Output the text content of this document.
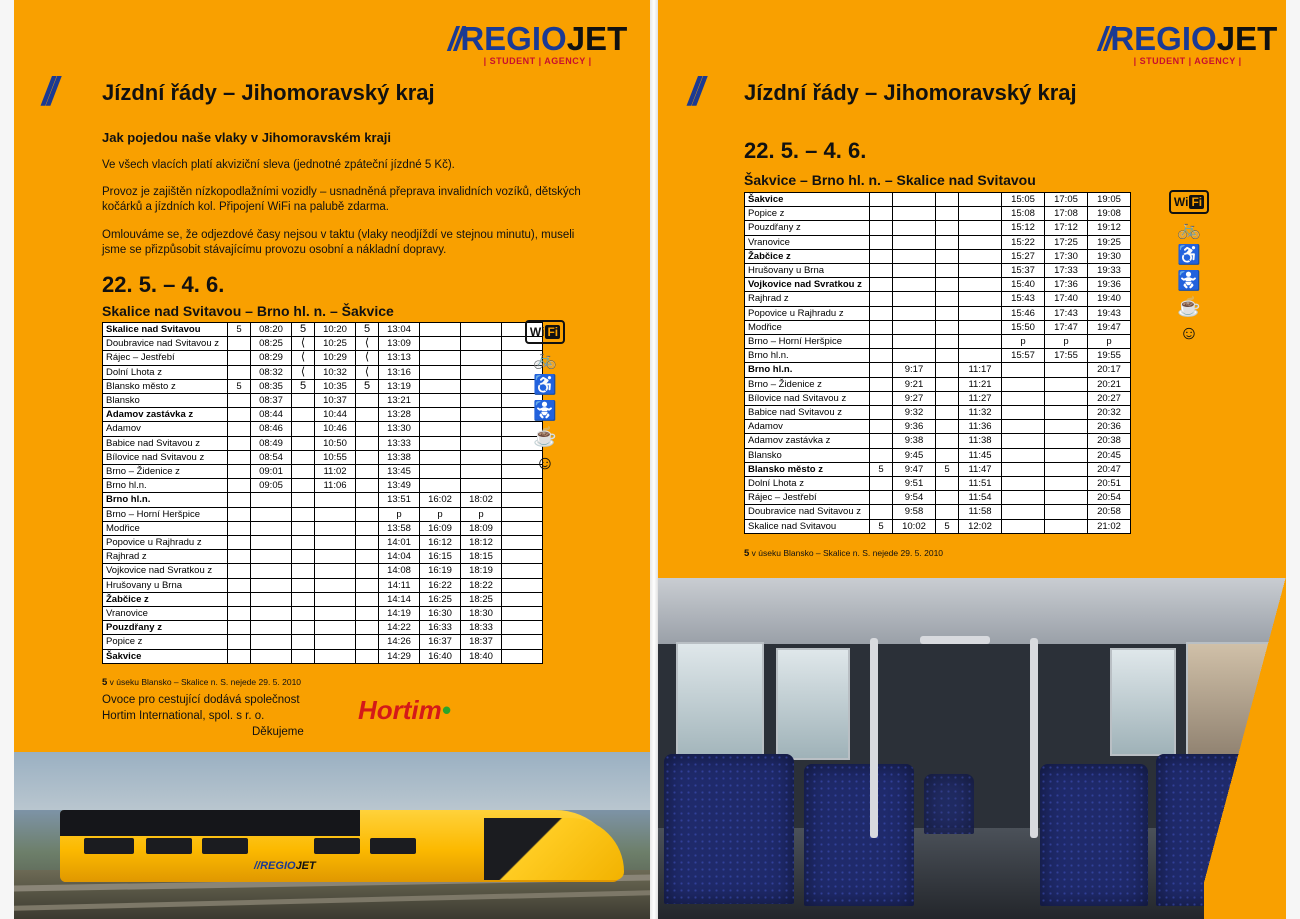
//REGIOJET
| STUDENT | AGENCY |
//REGIOJET
| STUDENT | AGENCY |
// Jízdní řády – Jihomoravský kraj
Jak pojedou naše vlaky v Jihomoravském kraji
Ve všech vlacích platí akviziční sleva (jednotné zpáteční jízdné 5 Kč).
Provoz je zajištěn nízkopodlažními vozidly – usnadněná přeprava invalidních vozíků, dětských kočárků a jízdních kol. Připojení WiFi na palubě zdarma.
Omlouváme se, že odjezdové časy nejsou v taktu (vlaky neodjíždí ve stejnou minutu), museli jsme se přizpůsobit stávajícímu provozu osobní a nákladní dopravy.
22. 5. – 4. 6.
Skalice nad Svitavou – Brno hl. n. – Šakvice
Skalice nad Svitavou	5	08:20	5	10:20	5	13:04			
Doubravice nad Svitavou z		08:25	⟨	10:25	⟨	13:09			
Rájec – Jestřebí		08:29	⟨	10:29	⟨	13:13			
Dolní Lhota z		08:32	⟨	10:32	⟨	13:16			
Blansko město z	5	08:35	5	10:35	5	13:19			
Blansko		08:37		10:37		13:21			
Adamov zastávka z		08:44		10:44		13:28			
Adamov		08:46		10:46		13:30			
Babice nad Svitavou z		08:49		10:50		13:33			
Bílovice nad Svitavou z		08:54		10:55		13:38			
Brno – Židenice z		09:01		11:02		13:45			
Brno hl.n.		09:05		11:06		13:49			
Brno hl.n.						13:51	16:02	18:02	
Brno – Horní Heršpice						p	p	p	
Modřice						13:58	16:09	18:09	
Popovice u Rajhradu z						14:01	16:12	18:12	
Rajhrad z						14:04	16:15	18:15	
Vojkovice nad Svratkou z						14:08	16:19	18:19	
Hrušovany u Brna						14:11	16:22	18:22	
Žabčice z						14:14	16:25	18:25	
Vranovice						14:19	16:30	18:30	
Pouzdřany z						14:22	16:33	18:33	
Popice z						14:26	16:37	18:37	
Šakvice						14:29	16:40	18:40	
5 v úseku Blansko – Skalice n. S. nejede 29. 5. 2010
Wi Fi
🚲
♿
🚼
☕
☺
Ovoce pro cestující dodává společnost
Hortim International, spol. s r. o.
Děkujeme
Hortim•
// Jízdní řády – Jihomoravský kraj
22. 5. – 4. 6.
Šakvice – Brno hl. n. – Skalice nad Svitavou
Šakvice					15:05	17:05	19:05
Popice z					15:08	17:08	19:08
Pouzdřany z					15:12	17:12	19:12
Vranovice					15:22	17:25	19:25
Žabčice z					15:27	17:30	19:30
Hrušovany u Brna					15:37	17:33	19:33
Vojkovice nad Svratkou z					15:40	17:36	19:36
Rajhrad z					15:43	17:40	19:40
Popovice u Rajhradu z					15:46	17:43	19:43
Modřice					15:50	17:47	19:47
Brno – Horní Heršpice					p	p	p
Brno hl.n.					15:57	17:55	19:55
Brno hl.n.		9:17		11:17			20:17
Brno – Židenice z		9:21		11:21			20:21
Bílovice nad Svitavou z		9:27		11:27			20:27
Babice nad Svitavou z		9:32		11:32			20:32
Adamov		9:36		11:36			20:36
Adamov zastávka z		9:38		11:38			20:38
Blansko		9:45		11:45			20:45
Blansko město z	5	9:47	5	11:47			20:47
Dolní Lhota z		9:51		11:51			20:51
Rájec – Jestřebí		9:54		11:54			20:54
Doubravice nad Svitavou z		9:58		11:58			20:58
Skalice nad Svitavou	5	10:02	5	12:02			21:02
5 v úseku Blansko – Skalice n. S. nejede 29. 5. 2010
Wi Fi
🚲
♿
🚼
☕
☺
//REGIOJET
